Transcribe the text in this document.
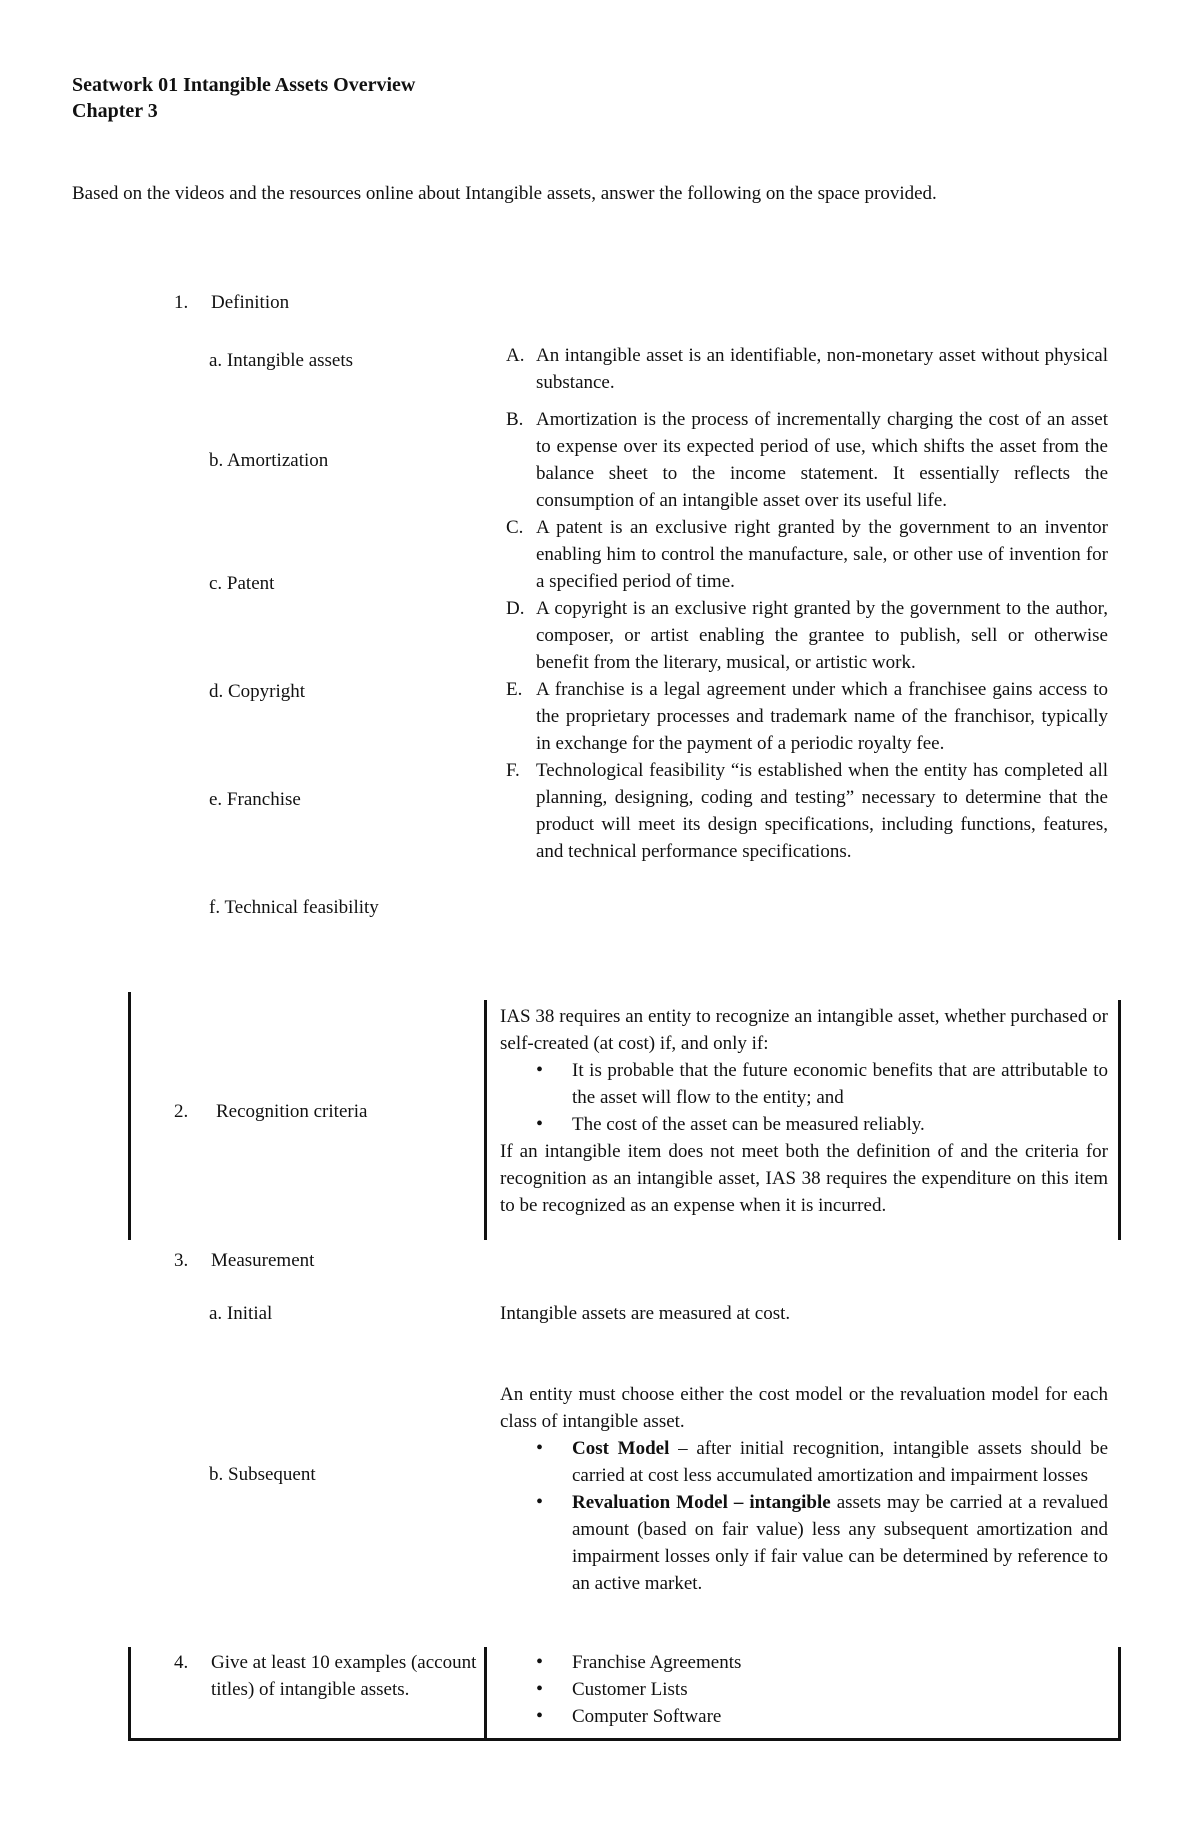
Seatwork 01 Intangible Assets Overview
Chapter 3
Based on the videos and the resources online about Intangible assets, answer the following on the space provided.
1. Definition
a. Intangible assets
b. Amortization
c. Patent
d. Copyright
e. Franchise
f. Technical feasibility
A. An intangible asset is an identifiable, non-monetary asset without physical substance.
B. Amortization is the process of incrementally charging the cost of an asset to expense over its expected period of use, which shifts the asset from the balance sheet to the income statement. It essentially reflects the consumption of an intangible asset over its useful life.
C. A patent is an exclusive right granted by the government to an inventor enabling him to control the manufacture, sale, or other use of invention for a specified period of time.
D. A copyright is an exclusive right granted by the government to the author, composer, or artist enabling the grantee to publish, sell or otherwise benefit from the literary, musical, or artistic work.
E. A franchise is a legal agreement under which a franchisee gains access to the proprietary processes and trademark name of the franchisor, typically in exchange for the payment of a periodic royalty fee.
F. Technological feasibility “is established when the entity has completed all planning, designing, coding and testing” necessary to determine that the product will meet its design specifications, including functions, features, and technical performance specifications.
2. Recognition criteria
IAS 38 requires an entity to recognize an intangible asset, whether purchased or self-created (at cost) if, and only if:
• It is probable that the future economic benefits that are attributable to the asset will flow to the entity; and
• The cost of the asset can be measured reliably.
If an intangible item does not meet both the definition of and the criteria for recognition as an intangible asset, IAS 38 requires the expenditure on this item to be recognized as an expense when it is incurred.
3. Measurement
a. Initial	Intangible assets are measured at cost.
b. Subsequent
An entity must choose either the cost model or the revaluation model for each class of intangible asset.
• Cost Model – after initial recognition, intangible assets should be carried at cost less accumulated amortization and impairment losses
• Revaluation Model – intangible assets may be carried at a revalued amount (based on fair value) less any subsequent amortization and impairment losses only if fair value can be determined by reference to an active market.
4. Give at least 10 examples (account titles) of intangible assets.
• Franchise Agreements
• Customer Lists
• Computer Software
